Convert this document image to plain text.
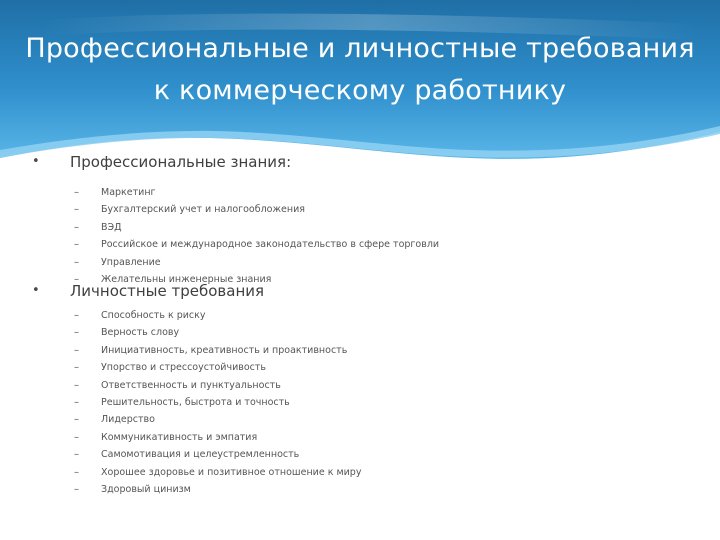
Профессиональные и личностные требования к коммерческому работнику
• Профессиональные знания:
– Маркетинг
– Бухгалтерский учет и налогообложения
– ВЭД
– Российское и международное законодательство в сфере торговли
– Управление
– Желательны инженерные знания
• Личностные требования
– Способность к риску
– Верность слову
– Инициативность, креативность и проактивность
– Упорство и стрессоустойчивость
– Ответственность и пунктуальность
– Решительность, быстрота и точность
– Лидерство
– Коммуникативность и эмпатия
– Самомотивация и целеустремленность
– Хорошее здоровье и позитивное отношение к миру
– Здоровый цинизм
